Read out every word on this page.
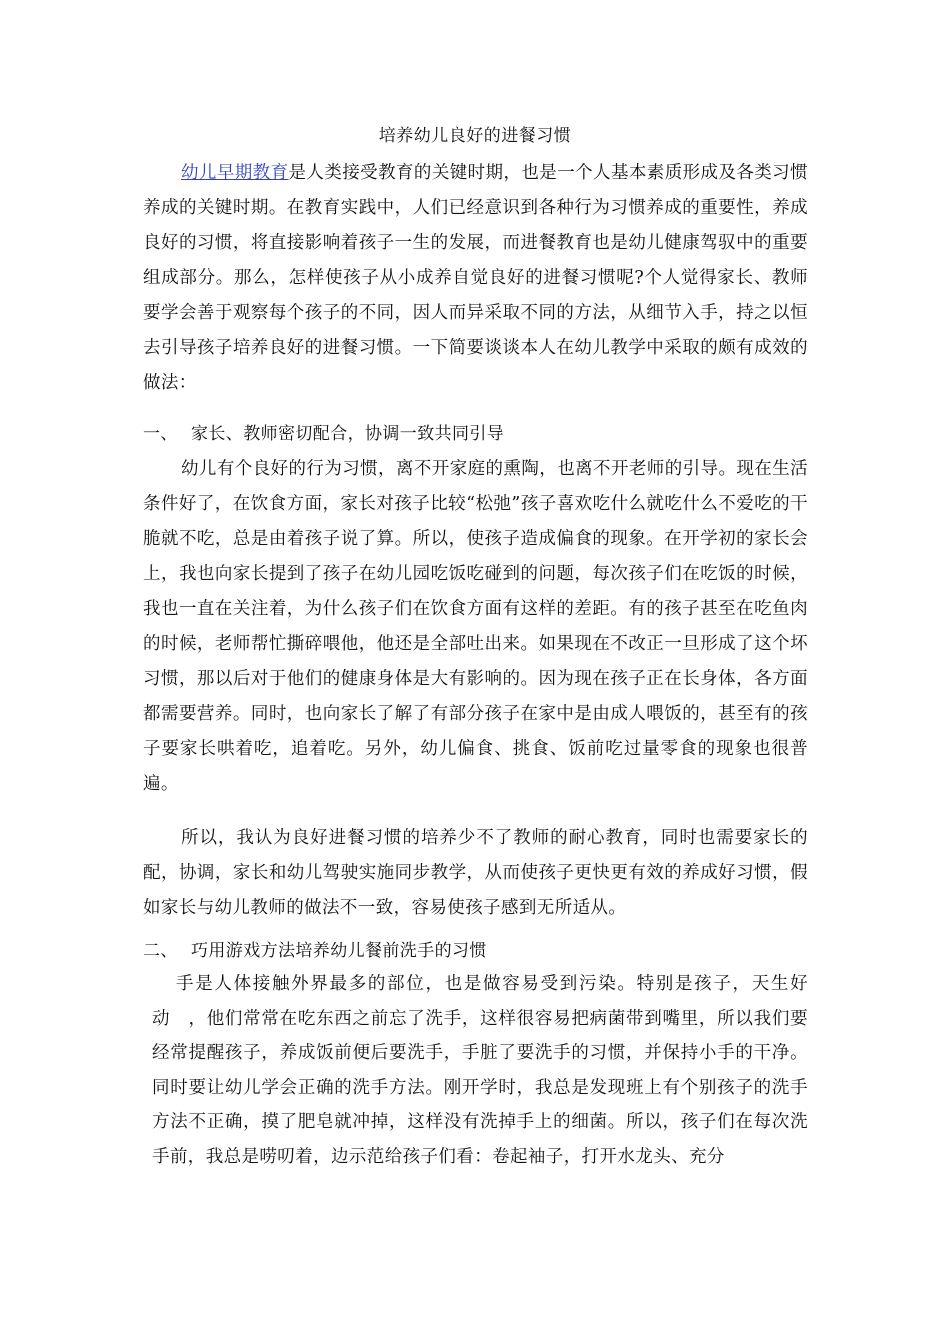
培养幼儿良好的进餐习惯

幼儿早期教育是人类接受教育的关键时期，也是一个人基本素质形成及各类习惯养成的关键时期。在教育实践中，人们已经意识到各种行为习惯养成的重要性，养成良好的习惯，将直接影响着孩子一生的发展，而进餐教育也是幼儿健康驾驭中的重要组成部分。那么，怎样使孩子从小成养自觉良好的进餐习惯呢?个人觉得家长、教师要学会善于观察每个孩子的不同，因人而异采取不同的方法，从细节入手，持之以恒去引导孩子培养良好的进餐习惯。一下简要谈谈本人在幼儿教学中采取的颇有成效的做法：

一、 家长、教师密切配合，协调一致共同引导

幼儿有个良好的行为习惯，离不开家庭的熏陶，也离不开老师的引导。现在生活条件好了，在饮食方面，家长对孩子比较“松弛”孩子喜欢吃什么就吃什么不爱吃的干脆就不吃，总是由着孩子说了算。所以，使孩子造成偏食的现象。在开学初的家长会上，我也向家长提到了孩子在幼儿园吃饭吃碰到的问题，每次孩子们在吃饭的时候，我也一直在关注着，为什么孩子们在饮食方面有这样的差距。有的孩子甚至在吃鱼肉的时候，老师帮忙撕碎喂他，他还是全部吐出来。如果现在不改正一旦形成了这个坏习惯，那以后对于他们的健康身体是大有影响的。因为现在孩子正在长身体，各方面都需要营养。同时，也向家长了解了有部分孩子在家中是由成人喂饭的，甚至有的孩子要家长哄着吃，追着吃。另外，幼儿偏食、挑食、饭前吃过量零食的现象也很普遍。

所以，我认为良好进餐习惯的培养少不了教师的耐心教育，同时也需要家长的配，协调，家长和幼儿驾驶实施同步教学，从而使孩子更快更有效的养成好习惯，假如家长与幼儿教师的做法不一致，容易使孩子感到无所适从。

二、 巧用游戏方法培养幼儿餐前洗手的习惯

手是人体接触外界最多的部位，也是做容易受到污染。特别是孩子，天生好动　，他们常常在吃东西之前忘了洗手，这样很容易把病菌带到嘴里，所以我们要经常提醒孩子，养成饭前便后要洗手，手脏了要洗手的习惯，并保持小手的干净。同时要让幼儿学会正确的洗手方法。刚开学时，我总是发现班上有个别孩子的洗手方法不正确，摸了肥皂就冲掉，这样没有洗掉手上的细菌。所以，孩子们在每次洗手前，我总是唠叨着，边示范给孩子们看：卷起袖子，打开水龙头、充分
